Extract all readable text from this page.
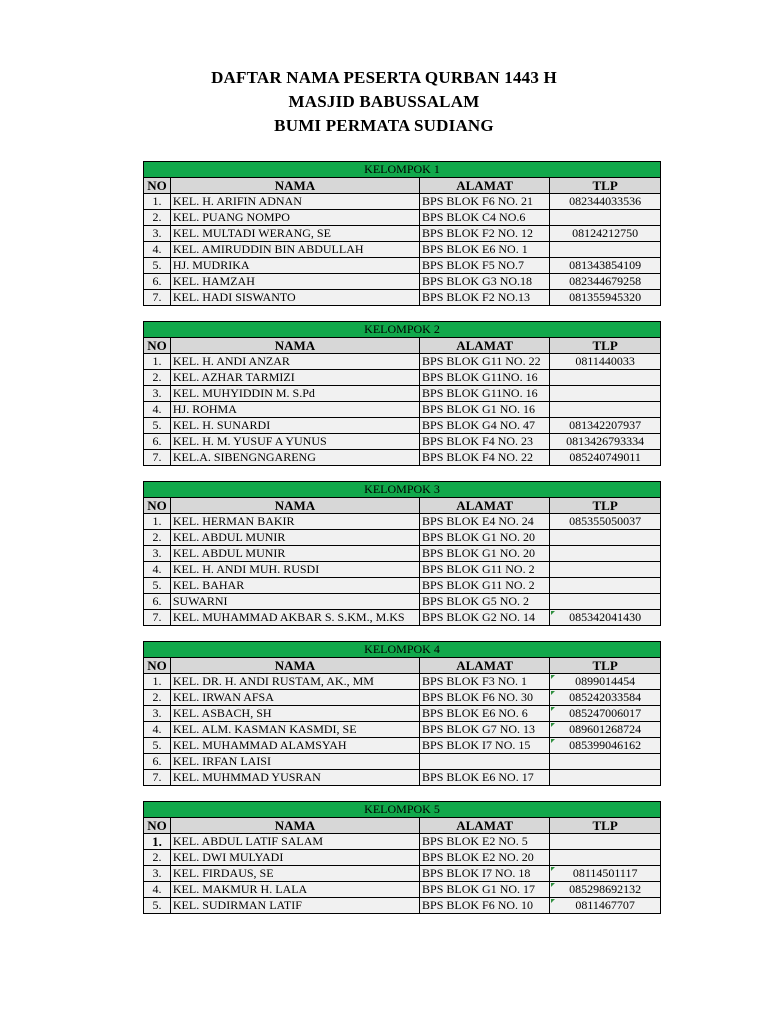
DAFTAR NAMA PESERTA QURBAN 1443 H
MASJID BABUSSALAM
BUMI PERMATA SUDIANG
KELOMPOK 1			
NO	NAMA	ALAMAT	TLP
1.	KEL. H. ARIFIN ADNAN	BPS BLOK F6 NO. 21	082344033536
2.	KEL. PUANG NOMPO	BPS BLOK C4 NO.6	
3.	KEL. MULTADI WERANG, SE	BPS BLOK F2 NO. 12	08124212750
4.	KEL. AMIRUDDIN BIN ABDULLAH	BPS BLOK E6 NO. 1	
5.	HJ. MUDRIKA	BPS BLOK F5 NO.7	081343854109
6.	KEL. HAMZAH	BPS BLOK G3 NO.18	082344679258
7.	KEL. HADI SISWANTO	BPS BLOK F2 NO.13	081355945320

KELOMPOK 2			
NO	NAMA	ALAMAT	TLP
1.	KEL. H. ANDI ANZAR	BPS BLOK G11 NO. 22	0811440033
2.	KEL. AZHAR TARMIZI	BPS BLOK G11NO. 16	
3.	KEL. MUHYIDDIN M. S.Pd	BPS BLOK G11NO. 16	
4.	HJ. ROHMA	BPS BLOK G1 NO. 16	
5.	KEL. H. SUNARDI	BPS BLOK G4 NO. 47	081342207937
6.	KEL. H. M. YUSUF A YUNUS	BPS BLOK F4 NO. 23	0813426793334
7.	KEL.A. SIBENGNGARENG	BPS BLOK F4 NO. 22	085240749011

KELOMPOK 3			
NO	NAMA	ALAMAT	TLP
1.	KEL. HERMAN BAKIR	BPS BLOK E4 NO. 24	085355050037
2.	KEL. ABDUL MUNIR	BPS BLOK G1 NO. 20	
3.	KEL. ABDUL MUNIR	BPS BLOK G1 NO. 20	
4.	KEL. H. ANDI MUH. RUSDI	BPS BLOK G11 NO. 2	
5.	KEL. BAHAR	BPS BLOK G11 NO. 2	
6.	SUWARNI	BPS BLOK G5 NO. 2	
7.	KEL. MUHAMMAD AKBAR S. S.KM., M.KS	BPS BLOK G2 NO. 14	085342041430

KELOMPOK 4			
NO	NAMA	ALAMAT	TLP
1.	KEL. DR. H. ANDI RUSTAM, AK., MM	BPS BLOK F3 NO. 1	0899014454
2.	KEL. IRWAN AFSA	BPS BLOK F6 NO. 30	085242033584
3.	KEL. ASBACH, SH	BPS BLOK E6 NO. 6	085247006017
4.	KEL. ALM. KASMAN KASMDI, SE	BPS BLOK G7 NO. 13	089601268724
5.	KEL. MUHAMMAD ALAMSYAH	BPS BLOK I7 NO. 15	085399046162
6.	KEL. IRFAN LAISI		
7.	KEL. MUHMMAD YUSRAN	BPS BLOK E6 NO. 17	

KELOMPOK 5			
NO	NAMA	ALAMAT	TLP
1.	KEL. ABDUL LATIF SALAM	BPS BLOK E2 NO. 5	
2.	KEL. DWI MULYADI	BPS BLOK E2 NO. 20	
3.	KEL. FIRDAUS, SE	BPS BLOK I7 NO. 18	08114501117
4.	KEL. MAKMUR H. LALA	BPS BLOK G1 NO. 17	085298692132
5.	KEL. SUDIRMAN LATIF	BPS BLOK F6 NO. 10	0811467707
